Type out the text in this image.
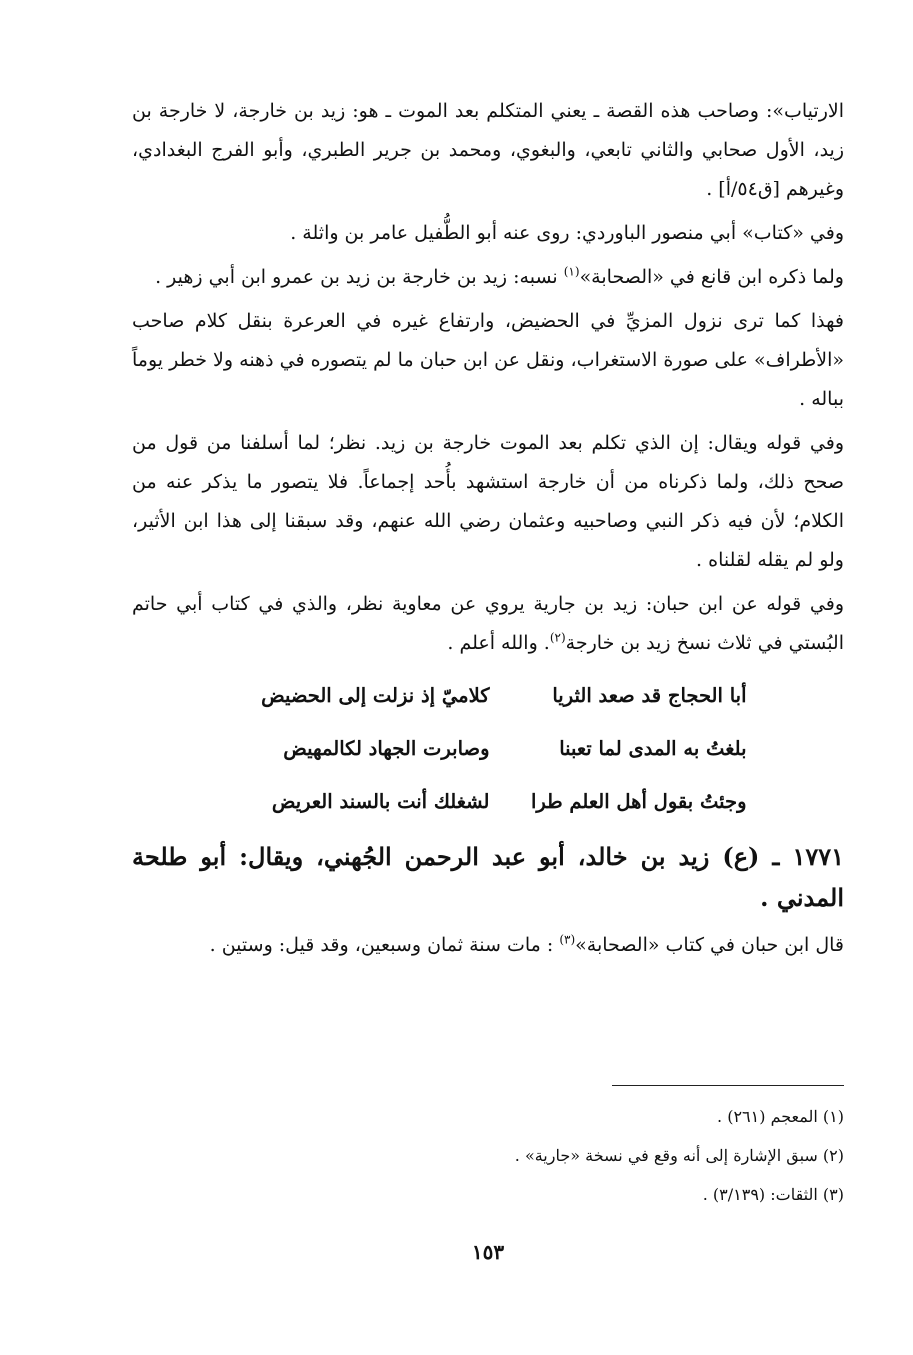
الارتياب»: وصاحب هذه القصة ـ يعني المتكلم بعد الموت ـ هو: زيد بن خارجة، لا خارجة بن زيد، الأول صحابي والثاني تابعي، والبغوي، ومحمد بن جرير الطبري، وأبو الفرج البغدادي، وغيرهم [ق٥٤/أ] .

وفي «كتاب» أبي منصور الباوردي: روى عنه أبو الطُّفيل عامر بن واثلة .

ولما ذكره ابن قانع في «الصحابة»$^{(١)}$ نسبه: زيد بن خارجة بن زيد بن عمرو ابن أبي زهير .

فهذا كما ترى نزول المزيِّ في الحضيض، وارتفاع غيره في العرعرة بنقل كلام صاحب «الأطراف» على صورة الاستغراب، ونقل عن ابن حبان ما لم يتصوره في ذهنه ولا خطر يوماً بباله .

وفي قوله ويقال: إن الذي تكلم بعد الموت خارجة بن زيد. نظر؛ لما أسلفنا من قول من صحح ذلك، ولما ذكرناه من أن خارجة استشهد بأُحد إجماعاً. فلا يتصور ما يذكر عنه من الكلام؛ لأن فيه ذكر النبي وصاحبيه وعثمان رضي الله عنهم، وقد سبقنا إلى هذا ابن الأثير، ولو لم يقله لقلناه .

وفي قوله عن ابن حبان: زيد بن جارية يروي عن معاوية نظر، والذي في كتاب أبي حاتم البُستي في ثلاث نسخ زيد بن خارجة$^{(٢)}$. والله أعلم .

أبا الحجاج قد صعد الثريا
كلاميّ إذ نزلت إلى الحضيض
بلغتُ به المدى لما تعبنا
وصابرت الجهاد لكالمهيض
وجئتُ بقول أهل العلم طرا
لشغلك أنت بالسند العريض

١٧٧١ ـ (ع) زيد بن خالد، أبو عبد الرحمن الجُهني، ويقال: أبو طلحة المدني .

قال ابن حبان في كتاب «الصحابة»$^{(٣)}$ : مات سنة ثمان وسبعين، وقد قيل: وستين .

(١) المعجم (٢٦١) .
(٢) سبق الإشارة إلى أنه وقع في نسخة «جارية» .
(٣) الثقات: (٣/١٣٩) .
١٥٣
